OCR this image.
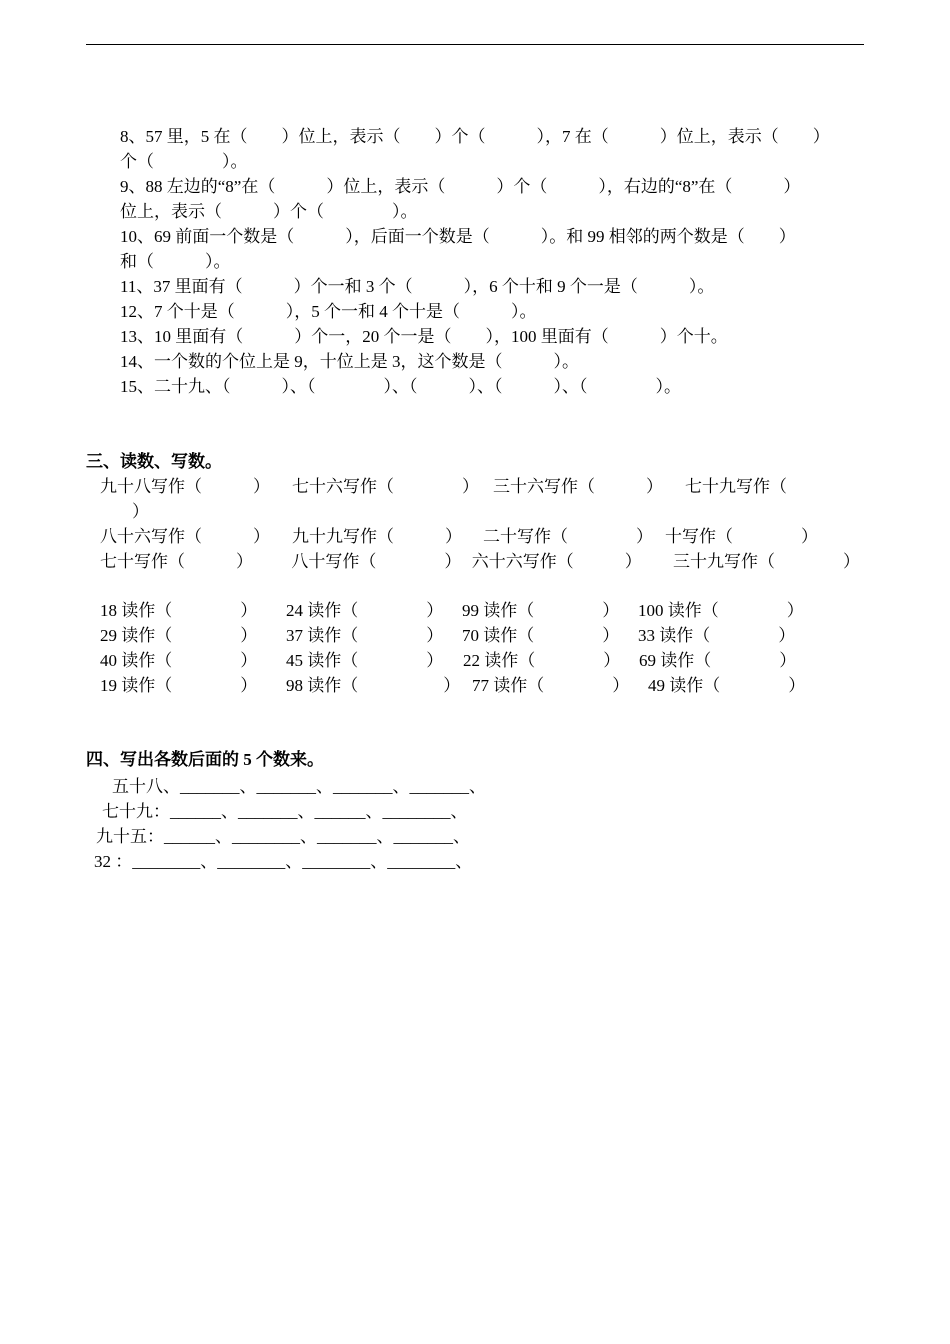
8、57 里，5 在（　　）位上，表示（　　）个（　　　），7 在（　　　）位上，表示（　　）
个（　　　　）。
9、88 左边的“8”在（　　　）位上，表示（　　　）个（　　　），右边的“8”在（　　　）
位上，表示（　　　）个（　　　　）。
10、69 前面一个数是（　　　），后面一个数是（　　　）。和 99 相邻的两个数是（　　）
和（　　　）。
11、37 里面有（　　　）个一和 3 个（　　　），6 个十和 9 个一是（　　　）。
12、7 个十是（　　　），5 个一和 4 个十是（　　　）。
13、10 里面有（　　　）个一，20 个一是（　　），100 里面有（　　　）个十。
14、一个数的个位上是 9，十位上是 3，这个数是（　　　）。
15、二十九、（　　　）、（　　　　）、（　　　）、（　　　）、（　　　　）。
三、读数、写数。
九十八写作（　　　）	七十六写作（　　　　） 三十六写作（　　　）	七十九写作（
）
八十六写作（　　　）	九十九写作（　　　）	二十写作（　　　　） 十写作（　　　　）
七十写作（　　　）	八十写作（　　　　） 六十六写作（　　　）	三十九写作（　　　　）
18 读作（　　　　）	24 读作（　　　　）	99 读作（　　　　）	100 读作（　　　　）
29 读作（　　　　）	37 读作（　　　　）	70 读作（　　　　）	33 读作（　　　　）
40 读作（　　　　）	45 读作（　　　　）	22 读作（　　　　）	69 读作（　　　　）
19 读作（　　　　）	98 读作（　　　　　） 77 读作（　　　　）	49 读作（　　　　）
四、写出各数后面的 5 个数来。
五十八、_______、_______、_______、_______、
七十九：______、_______、______、________、
九十五：______、________、_______、_______、
32 ：________、________、________、________、
